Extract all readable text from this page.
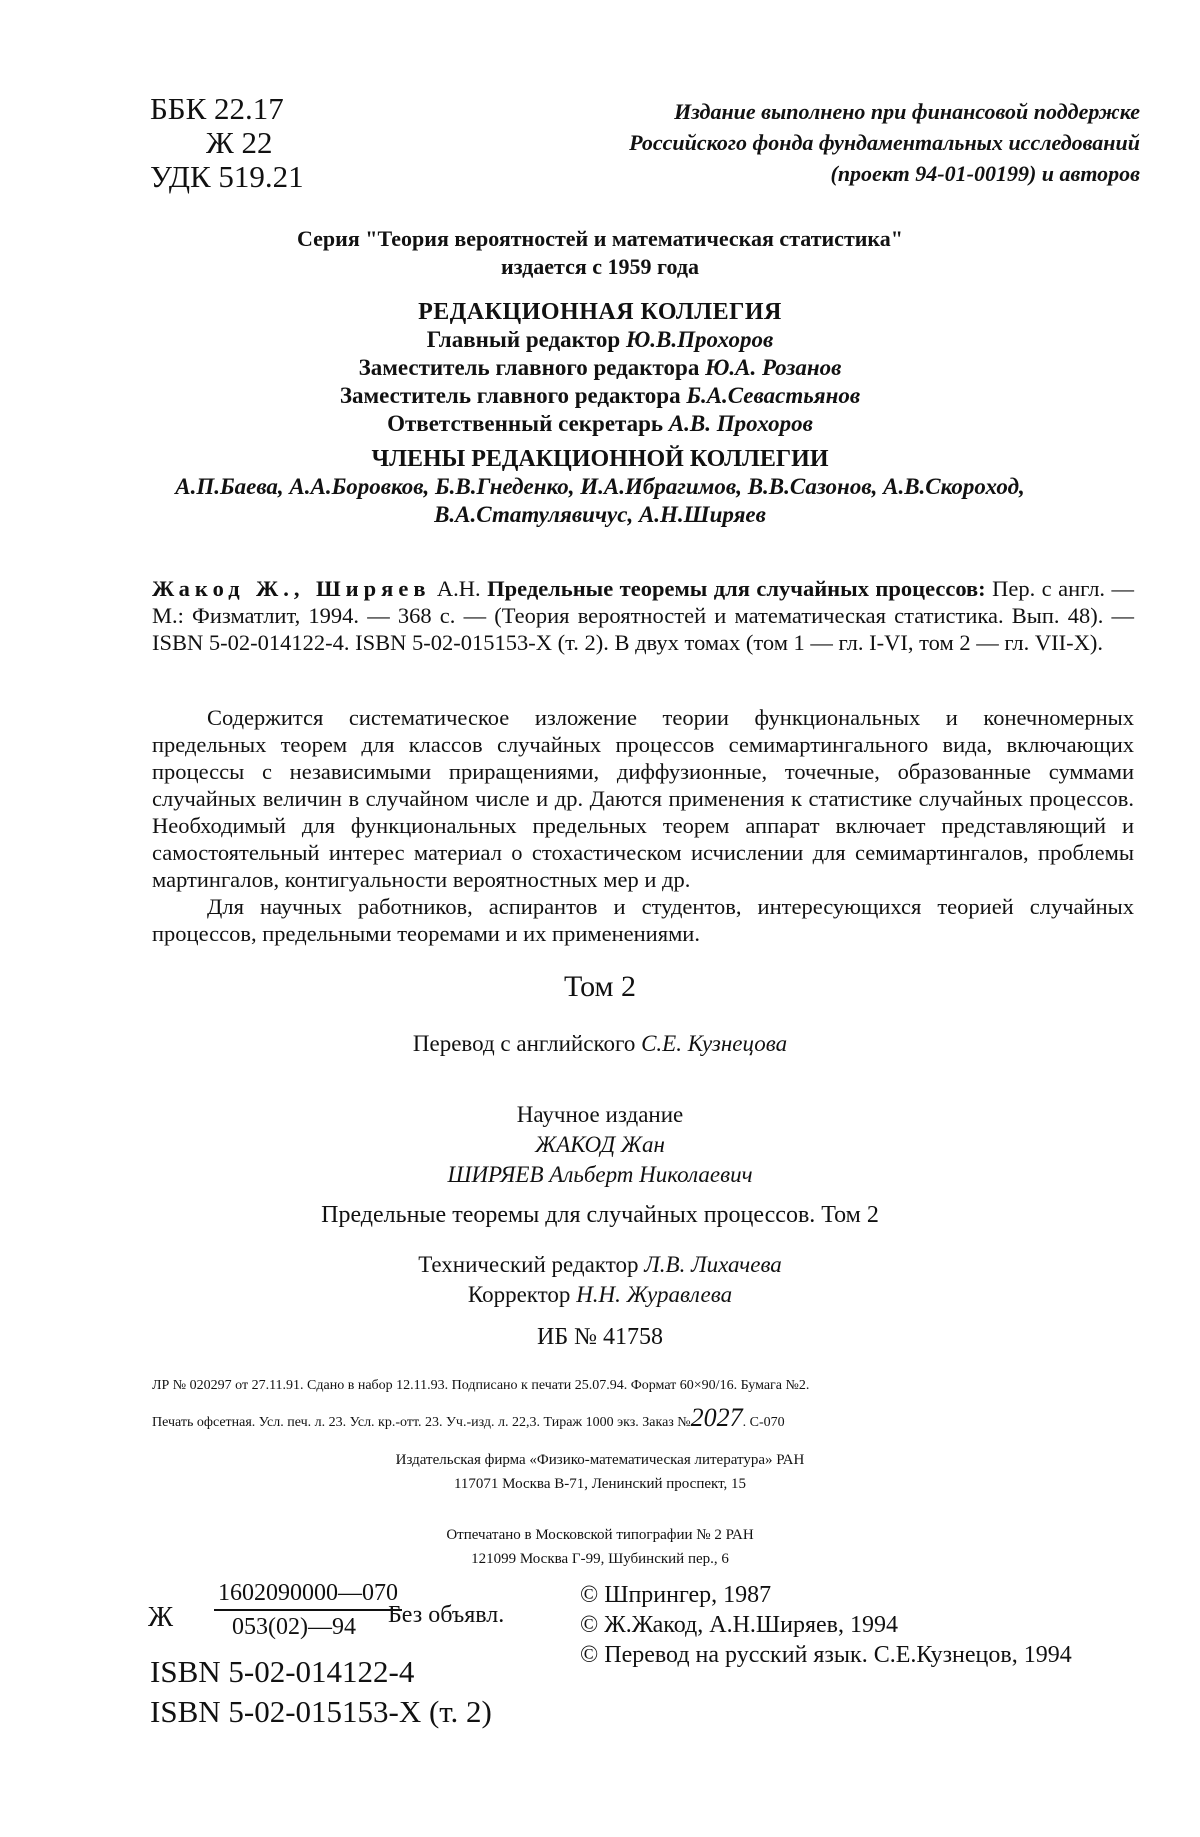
ББК 22.17
Ж 22
УДК 519.21
Издание выполнено при финансовой поддержке
Российского фонда фундаментальных исследований
(проект 94-01-00199) и авторов
Серия "Теория вероятностей и математическая статистика"
издается с 1959 года
РЕДАКЦИОННАЯ КОЛЛЕГИЯ
Главный редактор Ю.В.Прохоров
Заместитель главного редактора Ю.А. Розанов
Заместитель главного редактора Б.А.Севастьянов
Ответственный секретарь А.В. Прохоров
ЧЛЕНЫ РЕДАКЦИОННОЙ КОЛЛЕГИИ
А.П.Бaева, А.А.Боровков, Б.В.Гнеденко, И.А.Ибрагимов, В.В.Сазонов, А.В.Скороход,
В.А.Статулявичус, А.Н.Ширяев
Жакод Ж., Ширяев А.Н. Предельные теоремы для случайных процессов: Пер. с англ. — М.: Физматлит, 1994. — 368 с. — (Теория вероятностей и математическая статистика. Вып. 48). —ISBN 5-02-014122-4. ISBN 5-02-015153-X (т. 2). В двух томах (том 1 — гл. I-VI, том 2 — гл. VII-X).

Содержится систематическое изложение теории функциональных и конечномерных предельных теорем для классов случайных процессов семимартингального вида, включающих процессы с независимыми приращениями, диффузионные, точечные, образованные суммами случайных величин в случайном числе и др. Даются применения к статистике случайных процессов. Необходимый для функциональных предельных теорем аппарат включает представляющий и самостоятельный интерес материал о стохастическом исчислении для семимартингалов, проблемы мартингалов, контигуальности вероятностных мер и др.

Для научных работников, аспирантов и студентов, интересующихся теорией случайных процессов, предельными теоремами и их применениями.

Том 2
Перевод с английского С.Е. Кузнецова
Научное издание
ЖАКОД Жан
ШИРЯЕВ Альберт Николаевич
Предельные теоремы для случайных процессов. Том 2
Технический редактор Л.В. Лихачева
Корректор Н.Н. Журавлева
ИБ № 41758
ЛР № 020297 от 27.11.91. Сдано в набор 12.11.93. Подписано к печати 25.07.94. Формат 60×90/16. Бумага №2.
Печать офсетная. Усл. печ. л. 23. Усл. кр.-отт. 23. Уч.-изд. л. 22,3. Тираж 1000 экз. Заказ №2027. С-070
Издательская фирма «Физико-математическая литература» РАН
117071 Москва В-71, Ленинский проспект, 15
Отпечатано в Московской типографии № 2 РАН
121099 Москва Г-99, Шубинский пер., 6
Ж
1602090000—070
053(02)—94 Без объявл.
ISBN 5-02-014122-4
ISBN 5-02-015153-X (т. 2)
© Шпрингер, 1987
© Ж.Жакод, А.Н.Ширяев, 1994
© Перевод на русский язык. С.Е.Кузнецов, 1994
